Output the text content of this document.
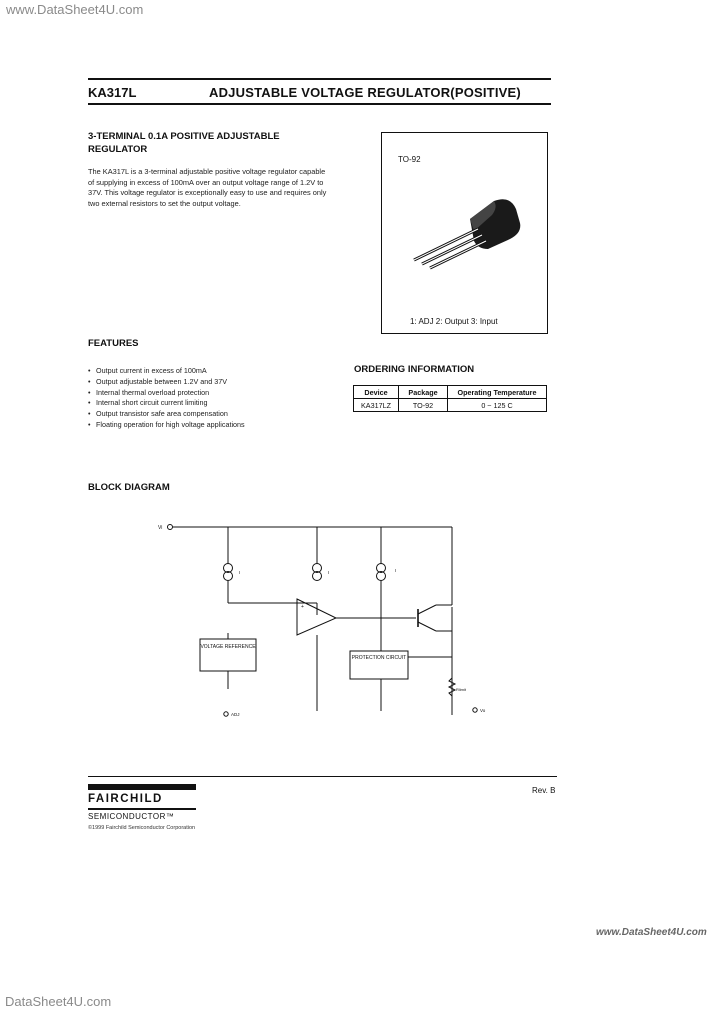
www.DataSheet4U.com
KA317L	ADJUSTABLE VOLTAGE REGULATOR(POSITIVE)
3-TERMINAL 0.1A POSITIVE ADJUSTABLE REGULATOR
The KA317L is a 3-terminal adjustable positive voltage regulator capable of supplying in excess of 100mA over an output voltage range of 1.2V to 37V. This voltage regulator is exceptionally easy to use and requires only two external resistors to set the output voltage.
TO-92
1: ADJ 2: Output 3: Input
FEATURES
• Output current in excess of 100mA
• Output adjustable between 1.2V and 37V
• Internal thermal overload protection
• Internal short circuit current limiting
• Output transistor safe area compensation
• Floating operation for high voltage applications
ORDERING INFORMATION
Device	Package	Operating Temperature
KA317LZ	TO-92	0 ~ 125 C
BLOCK DIAGRAM
Vi
I	I	I
+
Rlimit
ADJ
Vo
VOLTAGE REFERENCE
PROTECTION CIRCUIT
Rev. B
FAIRCHILD
SEMICONDUCTOR™
©1999 Fairchild Semiconductor Corporation
www.DataSheet4U.com
DataSheet4U.com
